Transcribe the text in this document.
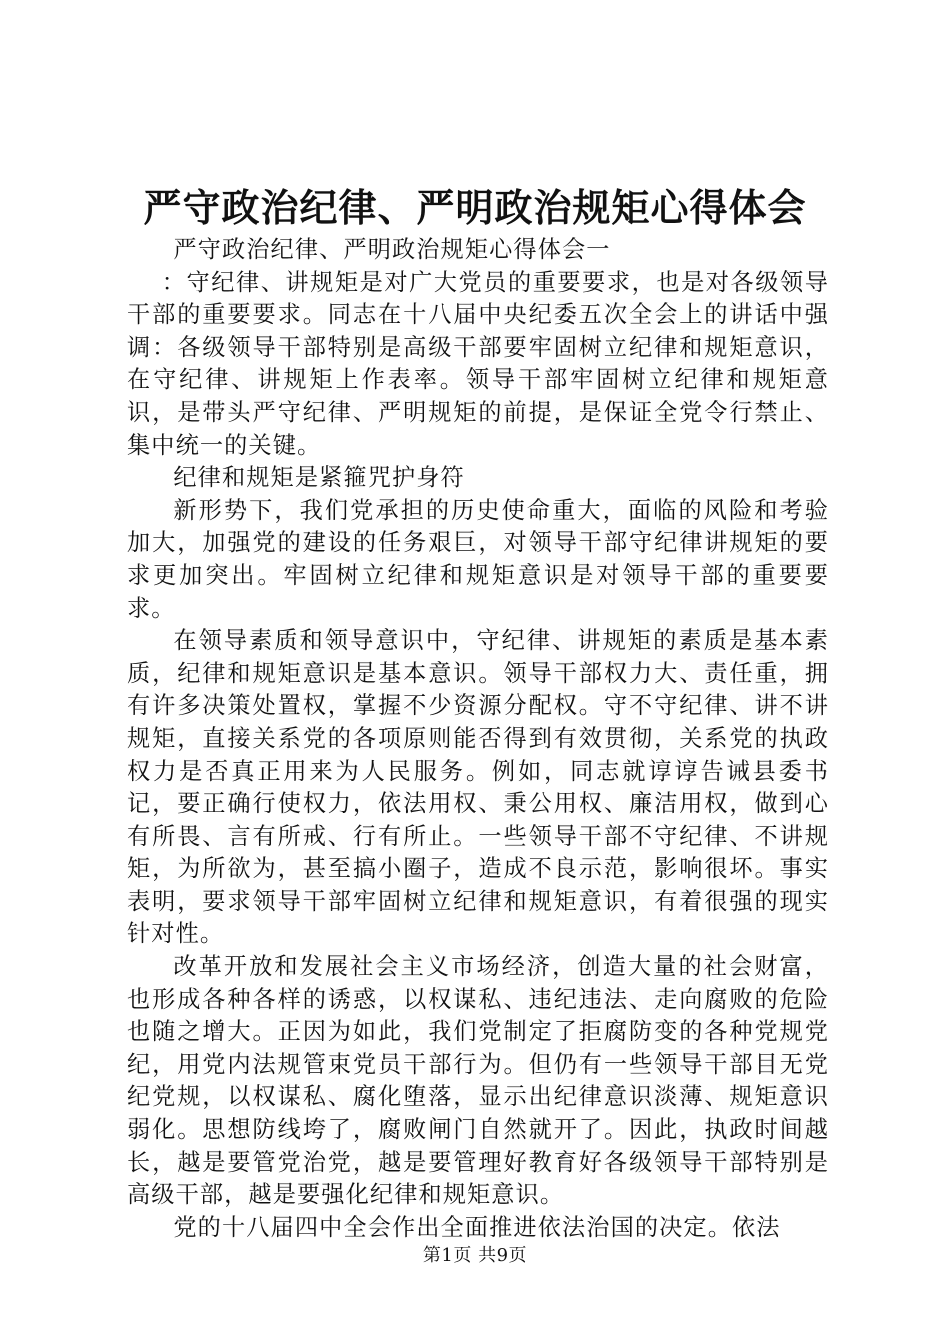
严守政治纪律、严明政治规矩心得体会

严守政治纪律、严明政治规矩心得体会一

：守纪律、讲规矩是对广大党员的重要要求，也是对各级领导干部的重要要求。同志在十八届中央纪委五次全会上的讲话中强调：各级领导干部特别是高级干部要牢固树立纪律和规矩意识，在守纪律、讲规矩上作表率。领导干部牢固树立纪律和规矩意识，是带头严守纪律、严明规矩的前提，是保证全党令行禁止、集中统一的关键。

纪律和规矩是紧箍咒护身符

新形势下，我们党承担的历史使命重大，面临的风险和考验加大，加强党的建设的任务艰巨，对领导干部守纪律讲规矩的要求更加突出。牢固树立纪律和规矩意识是对领导干部的重要要求。

在领导素质和领导意识中，守纪律、讲规矩的素质是基本素质，纪律和规矩意识是基本意识。领导干部权力大、责任重，拥有许多决策处置权，掌握不少资源分配权。守不守纪律、讲不讲规矩，直接关系党的各项原则能否得到有效贯彻，关系党的执政权力是否真正用来为人民服务。例如，同志就谆谆告诫县委书记，要正确行使权力，依法用权、秉公用权、廉洁用权，做到心有所畏、言有所戒、行有所止。一些领导干部不守纪律、不讲规矩，为所欲为，甚至搞小圈子，造成不良示范，影响很坏。事实表明，要求领导干部牢固树立纪律和规矩意识，有着很强的现实针对性。

改革开放和发展社会主义市场经济，创造大量的社会财富，也形成各种各样的诱惑，以权谋私、违纪违法、走向腐败的危险也随之增大。正因为如此，我们党制定了拒腐防变的各种党规党纪，用党内法规管束党员干部行为。但仍有一些领导干部目无党纪党规，以权谋私、腐化堕落，显示出纪律意识淡薄、规矩意识弱化。思想防线垮了，腐败闸门自然就开了。因此，执政时间越长，越是要管党治党，越是要管理好教育好各级领导干部特别是高级干部，越是要强化纪律和规矩意识。

党的十八届四中全会作出全面推进依法治国的决定。依法

第1页 共9页
